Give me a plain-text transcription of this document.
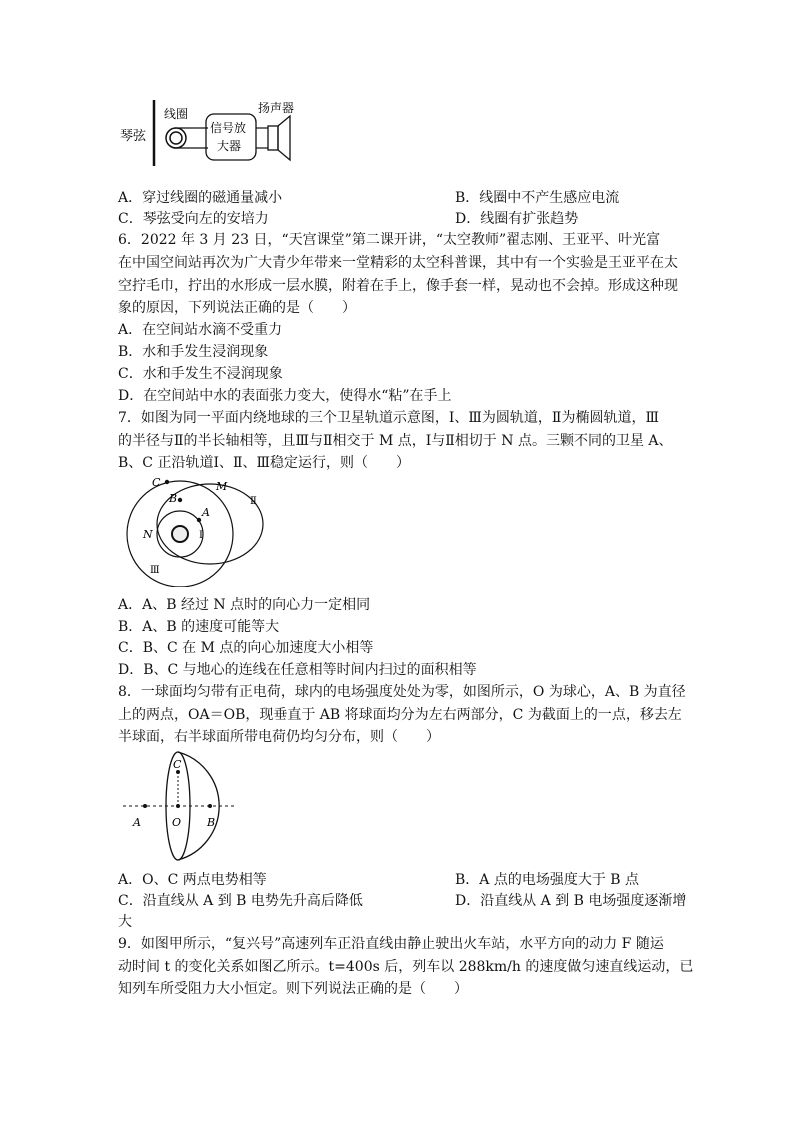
琴弦
线圈
信号放
大器
扬声器
A．穿过线圈的磁通量减小	B．线圈中不产生感应电流
C．琴弦受向左的安培力	D．线圈有扩张趋势
6．2022 年 3 月 23 日，“天宫课堂”第二课开讲，“太空教师”翟志刚、王亚平、叶光富
在中国空间站再次为广大青少年带来一堂精彩的太空科普课，其中有一个实验是王亚平在太
空拧毛巾，拧出的水形成一层水膜，附着在手上，像手套一样，晃动也不会掉。形成这种现
象的原因，下列说法正确的是（　　）
A．在空间站水滴不受重力
B．水和手发生浸润现象
C．水和手发生不浸润现象
D．在空间站中水的表面张力变大，使得水“粘”在手上
7．如图为同一平面内绕地球的三个卫星轨道示意图，Ⅰ、Ⅲ为圆轨道，Ⅱ为椭圆轨道，Ⅲ
的半径与Ⅱ的半长轴相等，且Ⅲ与Ⅱ相交于 M 点，Ⅰ与Ⅱ相切于 N 点。三颗不同的卫星 A、
B、C 正沿轨道Ⅰ、Ⅱ、Ⅲ稳定运行，则（　　）
C
B
A
M
N	Ⅰ
Ⅱ
Ⅲ
A．A、B 经过 N 点时的向心力一定相同
B．A、B 的速度可能等大
C．B、C 在 M 点的向心加速度大小相等
D．B、C 与地心的连线在任意相等时间内扫过的面积相等
8．一球面均匀带有正电荷，球内的电场强度处处为零，如图所示，O 为球心，A、B 为直径
上的两点，OA＝OB，现垂直于 AB 将球面均分为左右两部分，C 为截面上的一点，移去左
半球面，右半球面所带电荷仍均匀分布，则（　　）
C
A	O B
A．O、C 两点电势相等	B．A 点的电场强度大于 B 点
C．沿直线从 A 到 B 电势先升高后降低	D．沿直线从 A 到 B 电场强度逐渐增
大
9．如图甲所示，“复兴号”高速列车正沿直线由静止驶出火车站，水平方向的动力 F 随运
动时间 t 的变化关系如图乙所示。t=400s 后，列车以 288km/h 的速度做匀速直线运动，已
知列车所受阻力大小恒定。则下列说法正确的是（　　）
